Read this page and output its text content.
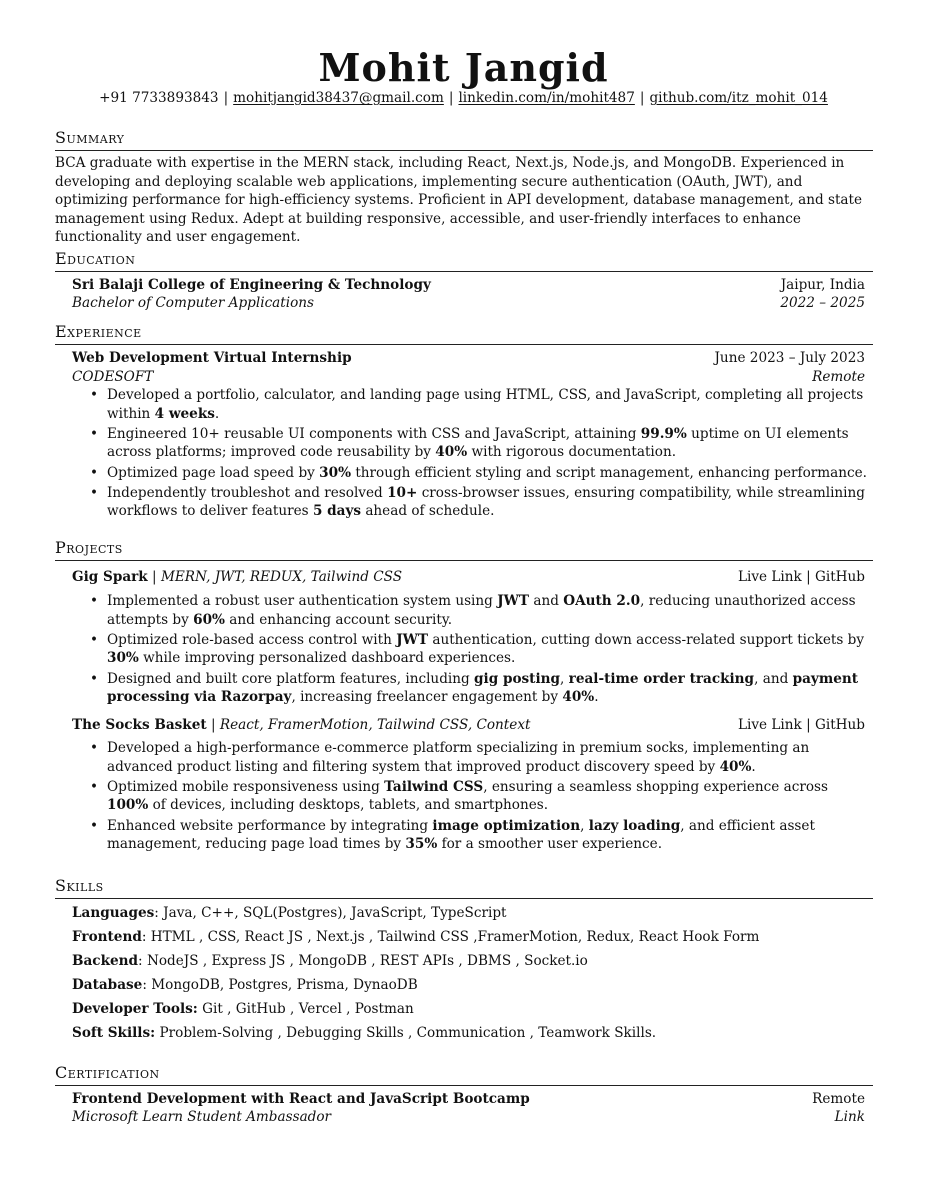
Mohit Jangid
+91 7733893843 | mohitjangid38437@gmail.com | linkedin.com/in/mohit487 | github.com/itz_mohit_014
Summary
BCA graduate with expertise in the MERN stack, including React, Next.js, Node.js, and MongoDB. Experienced in developing and deploying scalable web applications, implementing secure authentication (OAuth, JWT), and optimizing performance for high-efficiency systems. Proficient in API development, database management, and state management using Redux. Adept at building responsive, accessible, and user-friendly interfaces to enhance functionality and user engagement.
Education
Sri Balaji College of Engineering & Technology	Jaipur, India
Bachelor of Computer Applications	2022 – 2025
Experience
Web Development Virtual Internship	June 2023 – July 2023
CODESOFT	Remote
• Developed a portfolio, calculator, and landing page using HTML, CSS, and JavaScript, completing all projects within 4 weeks.
• Engineered 10+ reusable UI components with CSS and JavaScript, attaining 99.9% uptime on UI elements across platforms; improved code reusability by 40% with rigorous documentation.
• Optimized page load speed by 30% through efficient styling and script management, enhancing performance.
• Independently troubleshot and resolved 10+ cross-browser issues, ensuring compatibility, while streamlining workflows to deliver features 5 days ahead of schedule.
Projects
Gig Spark | MERN, JWT, REDUX, Tailwind CSS	Live Link | GitHub
• Implemented a robust user authentication system using JWT and OAuth 2.0, reducing unauthorized access attempts by 60% and enhancing account security.
• Optimized role-based access control with JWT authentication, cutting down access-related support tickets by 30% while improving personalized dashboard experiences.
• Designed and built core platform features, including gig posting, real-time order tracking, and payment processing via Razorpay, increasing freelancer engagement by 40%.
The Socks Basket | React, FramerMotion, Tailwind CSS, Context	Live Link | GitHub
• Developed a high-performance e-commerce platform specializing in premium socks, implementing an advanced product listing and filtering system that improved product discovery speed by 40%.
• Optimized mobile responsiveness using Tailwind CSS, ensuring a seamless shopping experience across 100% of devices, including desktops, tablets, and smartphones.
• Enhanced website performance by integrating image optimization, lazy loading, and efficient asset management, reducing page load times by 35% for a smoother user experience.
Skills
Languages: Java, C++, SQL(Postgres), JavaScript, TypeScript
Frontend: HTML , CSS, React JS , Next.js , Tailwind CSS ,FramerMotion, Redux, React Hook Form
Backend: NodeJS , Express JS , MongoDB , REST APIs , DBMS , Socket.io
Database: MongoDB, Postgres, Prisma, DynaoDB
Developer Tools: Git , GitHub , Vercel , Postman
Soft Skills: Problem-Solving , Debugging Skills , Communication , Teamwork Skills.
Certification
Frontend Development with React and JavaScript Bootcamp	Remote
Microsoft Learn Student Ambassador	Link
